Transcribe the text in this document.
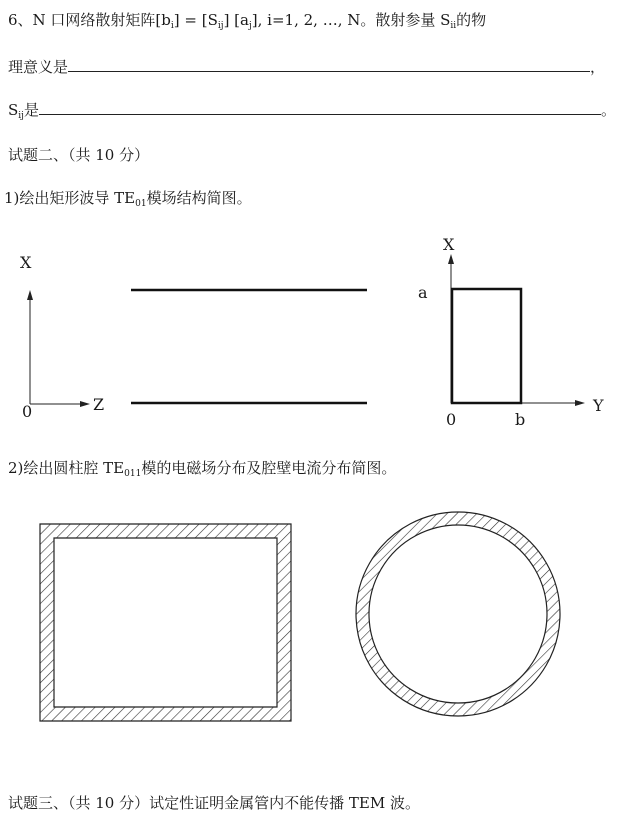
6、N 口网络散射矩阵$[b_i] = [S_{ij}]$ $[a_j]$, i=1, 2, …, N。散射参量 $S_{ii}$的物
理意义是	，
$S_{ij}$是	。
试题二、（共 10 分）
1)绘出矩形波导 $TE_{01}$模场结构简图。
2)绘出圆柱腔 $TE_{011}$模的电磁场分布及腔壁电流分布简图。
试题三、（共 10 分）试定性证明金属管内不能传播 TEM 波。
X
0	Z
X
a
0	b
Y
